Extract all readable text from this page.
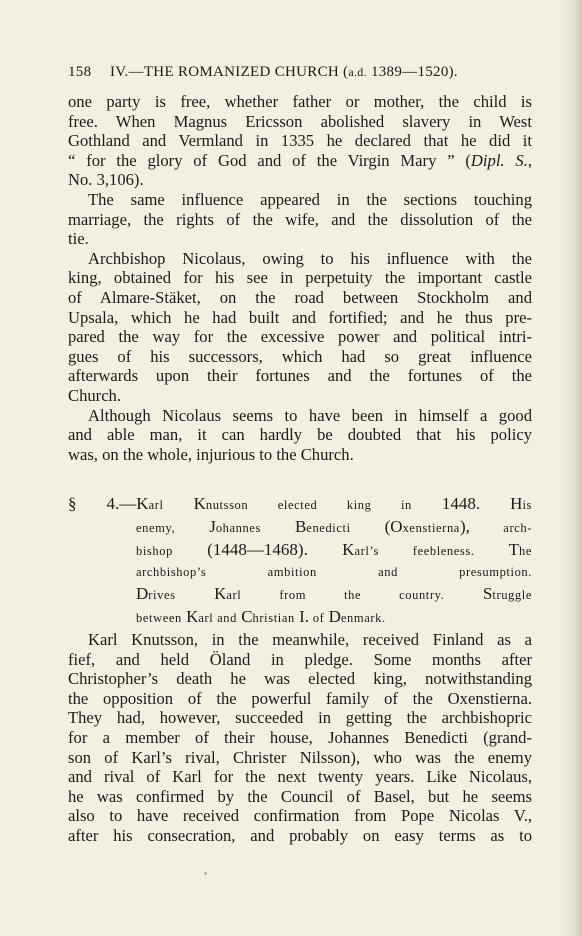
158 IV.—THE ROMANIZED CHURCH (a.d. 1389—1520).

one party is free, whether father or mother, the child is
free. When Magnus Ericsson abolished slavery in West
Gothland and Vermland in 1335 he declared that he did it
“ for the glory of God and of the Virgin Mary ” (Dipl. S.,
No. 3,106).

The same influence appeared in the sections touching
marriage, the rights of the wife, and the dissolution of the
tie.

Archbishop Nicolaus, owing to his influence with the
king, obtained for his see in perpetuity the important castle
of Almare-Stäket, on the road between Stockholm and
Upsala, which he had built and fortified; and he thus pre-
pared the way for the excessive power and political intri-
gues of his successors, which had so great influence
afterwards upon their fortunes and the fortunes of the
Church.

Although Nicolaus seems to have been in himself a good
and able man, it can hardly be doubted that his policy
was, on the whole, injurious to the Church.

§ 4.—Karl Knutsson elected king in 1448. His
enemy, Johannes Benedicti (Oxenstierna), arch-
bishop (1448—1468). Karl’s feebleness. The
archbishop’s ambition and presumption.
Drives Karl from the country. Struggle
between Karl and Christian I. of Denmark.

Karl Knutsson, in the meanwhile, received Finland as a
fief, and held Öland in pledge. Some months after
Christopher’s death he was elected king, notwithstanding
the opposition of the powerful family of the Oxenstierna.
They had, however, succeeded in getting the archbishopric
for a member of their house, Johannes Benedicti (grand-
son of Karl’s rival, Christer Nilsson), who was the enemy
and rival of Karl for the next twenty years. Like Nicolaus,
he was confirmed by the Council of Basel, but he seems
also to have received confirmation from Pope Nicolas V.,
after his consecration, and probably on easy terms as to
